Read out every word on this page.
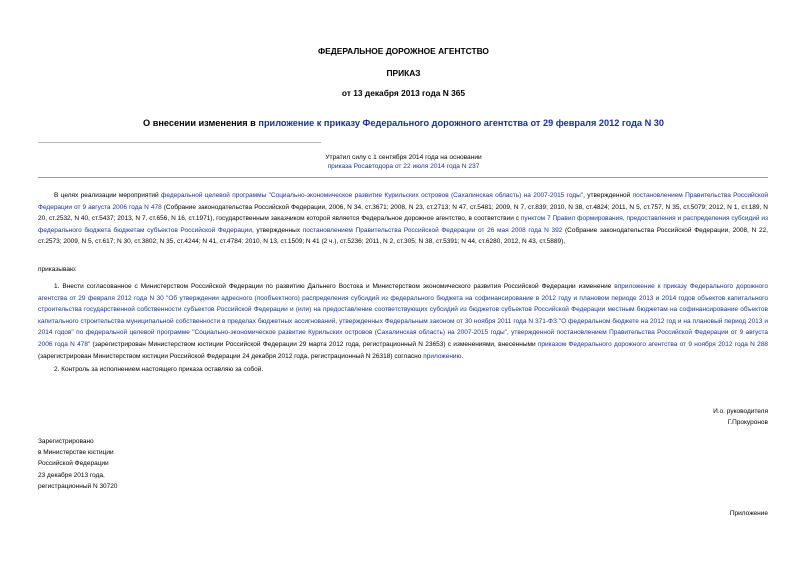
ФЕДЕРАЛЬНОЕ ДОРОЖНОЕ АГЕНТСТВО
ПРИКАЗ
от 13 декабря 2013 года N 365
О внесении изменения в приложение к приказу Федерального дорожного агентства от 29 февраля 2012 года N 30
Утратил силу с 1 сентября 2014 года на основании
приказа Росавтодора от 22 июля 2014 года N 237

В целях реализации мероприятий федеральной целевой программы "Социально-экономическое развитие Курильских островов (Сахалинская область) на 2007-2015 годы", утвержденной постановлением Правительства Российской Федерации от 9 августа 2006 года N 478 (Собрание законодательства Российской Федерации, 2006, N 34, ст.3671; 2008, N 23, ст.2713; N 47, ст.5481; 2009, N 7, ст.839; 2010, N 38, ст.4824; 2011, N 5, ст.757, N 35, ст.5079; 2012, N 1, ст.189, N 20, ст.2532, N 40, ст.5437; 2013, N 7, ст.656, N 16, ст.1971), государственным заказчиком которой является Федеральное дорожное агентство, в соответствии с пунктом 7 Правил формирования, предоставления и распределения субсидий из федерального бюджета бюджетам субъектов Российской Федерации, утвержденных постановлением Правительства Российской Федерации от 26 мая 2008 года N 392 (Собрание законодательства Российской Федерации, 2008, N 22, ст.2573; 2009, N 5, ст.617; N 30, ст.3802; N 35, ст.4244; N 41, ст.4784; 2010, N 13, ст.1509; N 41 (2 ч.), ст.5236; 2011, N 2, ст.305; N 38, ст.5391; N 44, ст.6280, 2012, N 43, ст.5889),

приказываю:

1. Внести согласованное с Министерством Российской Федерации по развитию Дальнего Востока и Министерством экономического развития Российской Федерации изменение вприложение к приказу Федерального дорожного агентства от 29 февраля 2012 года N 30 "Об утверждении адресного (пообъектного) распределения субсидий из федерального бюджета на софинансирование в 2012 году и плановом периоде 2013 и 2014 годов объектов капитального строительства государственной собственности субъектов Российской Федерации и (или) на предоставление соответствующих субсидий из бюджетов субъектов Российской Федерации местным бюджетам на софинансирование объектов капитального строительства муниципальной собственности в пределах бюджетных ассигнований, утвержденных Федеральным законом от 30 ноября 2011 года N 371-ФЗ "О федеральном бюджете на 2012 год и на плановый период 2013 и 2014 годов" по федеральной целевой программе "Социально-экономическое развитие Курильских островов (Сахалинская область) на 2007-2015 годы", утвержденной постановлением Правительства Российской Федерации от 9 августа 2006 года N 478" (зарегистрирован Министерством юстиции Российской Федерации 29 марта 2012 года, регистрационный N 23653) с изменениями, внесенными приказом Федерального дорожного агентства от 9 ноября 2012 года N 288 (зарегистрирован Министерством юстиции Российской Федерации 24 декабря 2012 года, регистрационный N 26318) согласно приложению.

2. Контроль за исполнением настоящего приказа оставляю за собой.
И.о. руководителя
Г.Прокуронов
Зарегистрировано
в Министерстве юстиции
Российской Федерации
23 декабря 2013 года,
регистрационный N 30720
Приложение
